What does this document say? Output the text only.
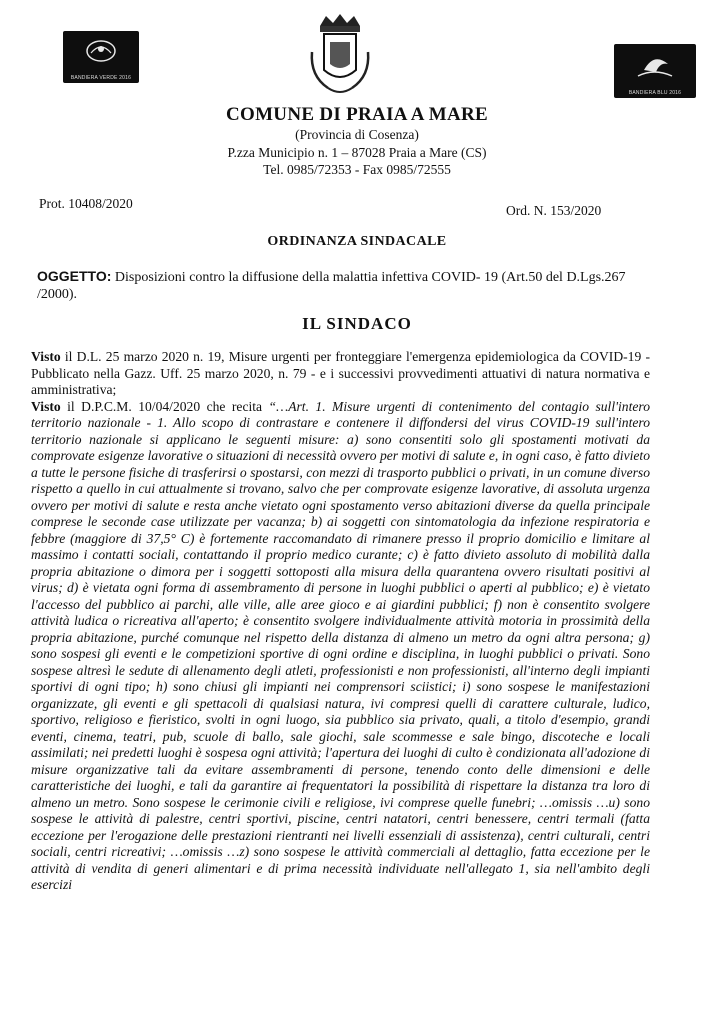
BANDIERA VERDE 2016
BANDIERA BLU 2016
COMUNE DI PRAIA A MARE
(Provincia di Cosenza)
P.zza Municipio n. 1 – 87028 Praia a Mare (CS)
Tel. 0985/72353 - Fax 0985/72555
Prot. 10408/2020	Ord. N. 153/2020
ORDINANZA SINDACALE
OGGETTO: Disposizioni contro la diffusione della malattia infettiva COVID- 19 (Art.50 del D.Lgs.267 /2000).
IL SINDACO

Visto il D.L. 25 marzo 2020 n. 19, Misure urgenti per fronteggiare l'emergenza epidemiologica da COVID-19 - Pubblicato nella Gazz. Uff. 25 marzo 2020, n. 79 - e i successivi provvedimenti attuativi di natura normativa e amministrativa;

Visto il D.P.C.M. 10/04/2020 che recita “…Art. 1. Misure urgenti di contenimento del contagio sull'intero territorio nazionale - 1. Allo scopo di contrastare e contenere il diffondersi del virus COVID-19 sull'intero territorio nazionale si applicano le seguenti misure: a) sono consentiti solo gli spostamenti motivati da comprovate esigenze lavorative o situazioni di necessità ovvero per motivi di salute e, in ogni caso, è fatto divieto a tutte le persone fisiche di trasferirsi o spostarsi, con mezzi di trasporto pubblici o privati, in un comune diverso rispetto a quello in cui attualmente si trovano, salvo che per comprovate esigenze lavorative, di assoluta urgenza ovvero per motivi di salute e resta anche vietato ogni spostamento verso abitazioni diverse da quella principale comprese le seconde case utilizzate per vacanza; b) ai soggetti con sintomatologia da infezione respiratoria e febbre (maggiore di 37,5° C) è fortemente raccomandato di rimanere presso il proprio domicilio e limitare al massimo i contatti sociali, contattando il proprio medico curante; c) è fatto divieto assoluto di mobilità dalla propria abitazione o dimora per i soggetti sottoposti alla misura della quarantena ovvero risultati positivi al virus; d) è vietata ogni forma di assembramento di persone in luoghi pubblici o aperti al pubblico; e) è vietato l'accesso del pubblico ai parchi, alle ville, alle aree gioco e ai giardini pubblici; f) non è consentito svolgere attività ludica o ricreativa all'aperto; è consentito svolgere individualmente attività motoria in prossimità della propria abitazione, purché comunque nel rispetto della distanza di almeno un metro da ogni altra persona; g) sono sospesi gli eventi e le competizioni sportive di ogni ordine e disciplina, in luoghi pubblici o privati. Sono sospese altresì le sedute di allenamento degli atleti, professionisti e non professionisti, all'interno degli impianti sportivi di ogni tipo; h) sono chiusi gli impianti nei comprensori sciistici; i) sono sospese le manifestazioni organizzate, gli eventi e gli spettacoli di qualsiasi natura, ivi compresi quelli di carattere culturale, ludico, sportivo, religioso e fieristico, svolti in ogni luogo, sia pubblico sia privato, quali, a titolo d'esempio, grandi eventi, cinema, teatri, pub, scuole di ballo, sale giochi, sale scommesse e sale bingo, discoteche e locali assimilati; nei predetti luoghi è sospesa ogni attività; l'apertura dei luoghi di culto è condizionata all'adozione di misure organizzative tali da evitare assembramenti di persone, tenendo conto delle dimensioni e delle caratteristiche dei luoghi, e tali da garantire ai frequentatori la possibilità di rispettare la distanza tra loro di almeno un metro. Sono sospese le cerimonie civili e religiose, ivi comprese quelle funebri; …omissis …u) sono sospese le attività di palestre, centri sportivi, piscine, centri natatori, centri benessere, centri termali (fatta eccezione per l'erogazione delle prestazioni rientranti nei livelli essenziali di assistenza), centri culturali, centri sociali, centri ricreativi; …omissis …z) sono sospese le attività commerciali al dettaglio, fatta eccezione per le attività di vendita di generi alimentari e di prima necessità individuate nell'allegato 1, sia nell'ambito degli esercizi
